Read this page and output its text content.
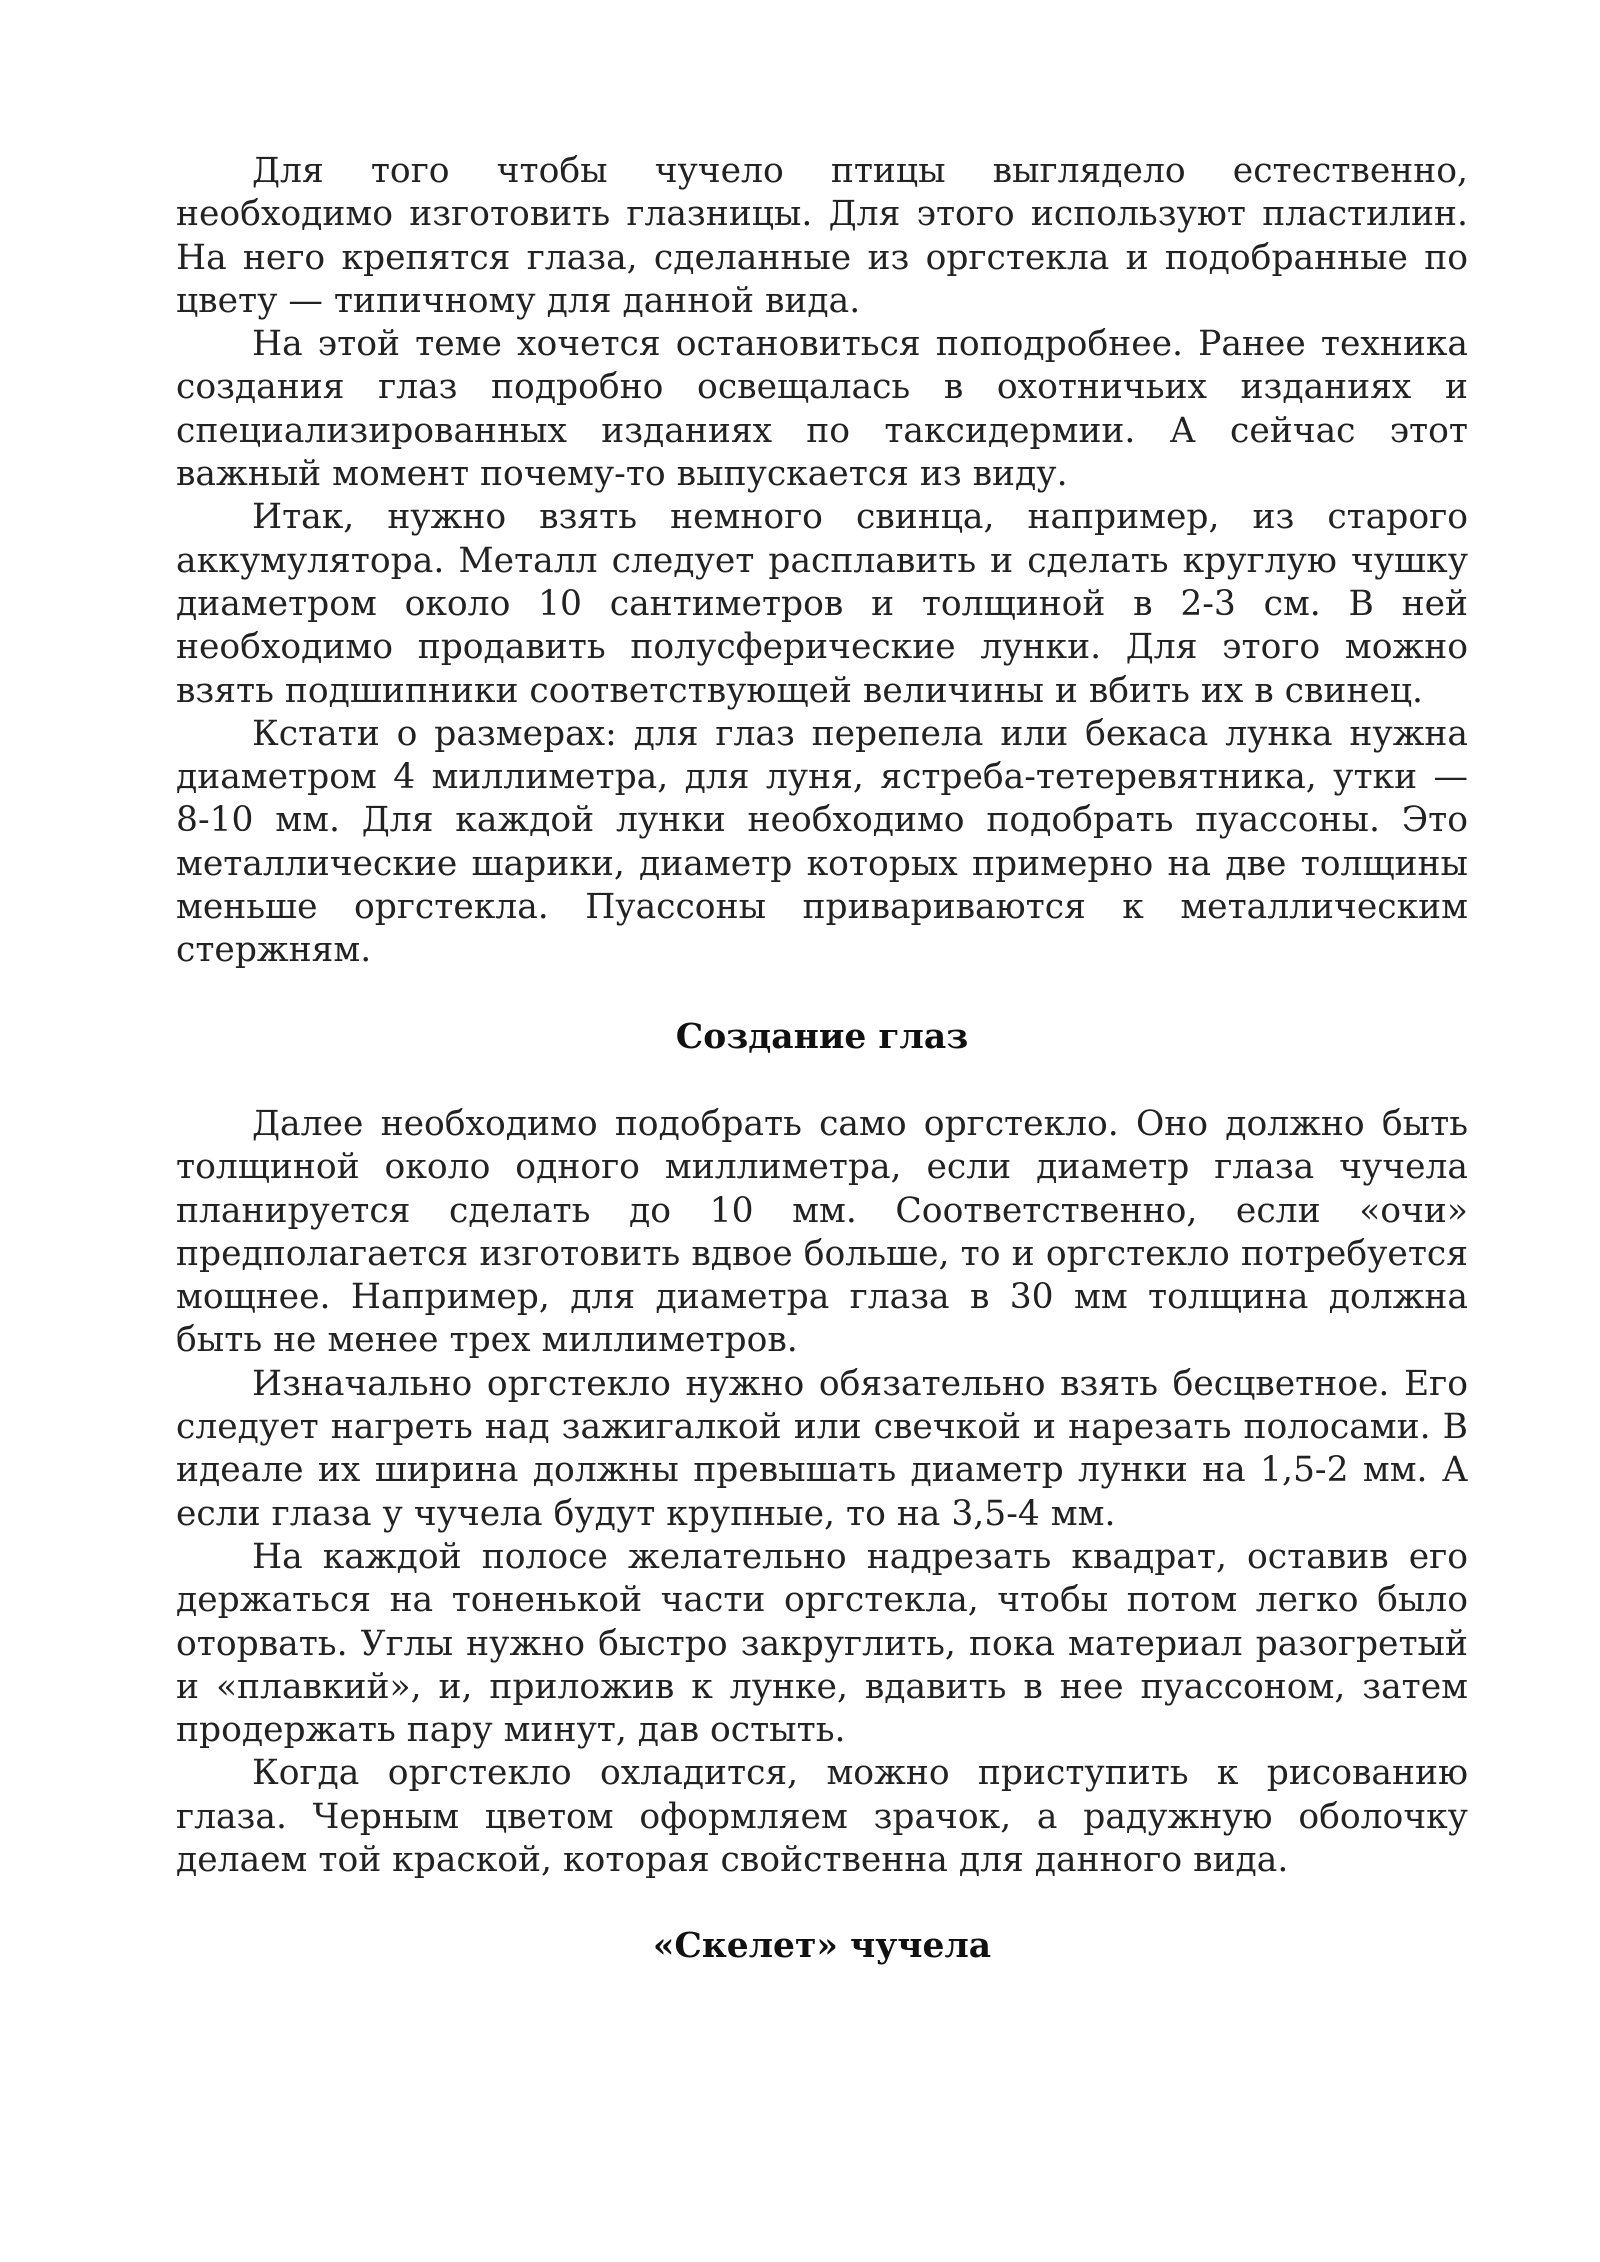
Для того чтобы чучело птицы выглядело естественно, необходимо изготовить глазницы. Для этого используют пластилин. На него крепятся глаза, сделанные из оргстекла и подобранные по цвету — типичному для данной вида.

На этой теме хочется остановиться поподробнее. Ранее техника создания глаз подробно освещалась в охотничьих изданиях и специализированных изданиях по таксидермии. А сейчас этот важный момент почему-то выпускается из виду.

Итак, нужно взять немного свинца, например, из старого аккумулятора. Металл следует расплавить и сделать круглую чушку диаметром около 10 сантиметров и толщиной в 2-3 см. В ней необходимо продавить полусферические лунки. Для этого можно взять подшипники соответствующей величины и вбить их в свинец.

Кстати о размерах: для глаз перепела или бекаса лунка нужна диаметром 4 миллиметра, для луня, ястреба-тетеревятника, утки — 8-10 мм. Для каждой лунки необходимо подобрать пуассоны. Это металлические шарики, диаметр которых примерно на две толщины меньше оргстекла. Пуассоны привариваются к металлическим стержням.

Создание глаз

Далее необходимо подобрать само оргстекло. Оно должно быть толщиной около одного миллиметра, если диаметр глаза чучела планируется сделать до 10 мм. Соответственно, если «очи» предполагается изготовить вдвое больше, то и оргстекло потребуется мощнее. Например, для диаметра глаза в 30 мм толщина должна быть не менее трех миллиметров.

Изначально оргстекло нужно обязательно взять бесцветное. Его следует нагреть над зажигалкой или свечкой и нарезать полосами. В идеале их ширина должны превышать диаметр лунки на 1,5-2 мм. А если глаза у чучела будут крупные, то на 3,5-4 мм.

На каждой полосе желательно надрезать квадрат, оставив его держаться на тоненькой части оргстекла, чтобы потом легко было оторвать. Углы нужно быстро закруглить, пока материал разогретый и «плавкий», и, приложив к лунке, вдавить в нее пуассоном, затем продержать пару минут, дав остыть.

Когда оргстекло охладится, можно приступить к рисованию глаза. Черным цветом оформляем зрачок, а радужную оболочку делаем той краской, которая свойственна для данного вида.

«Скелет» чучела
